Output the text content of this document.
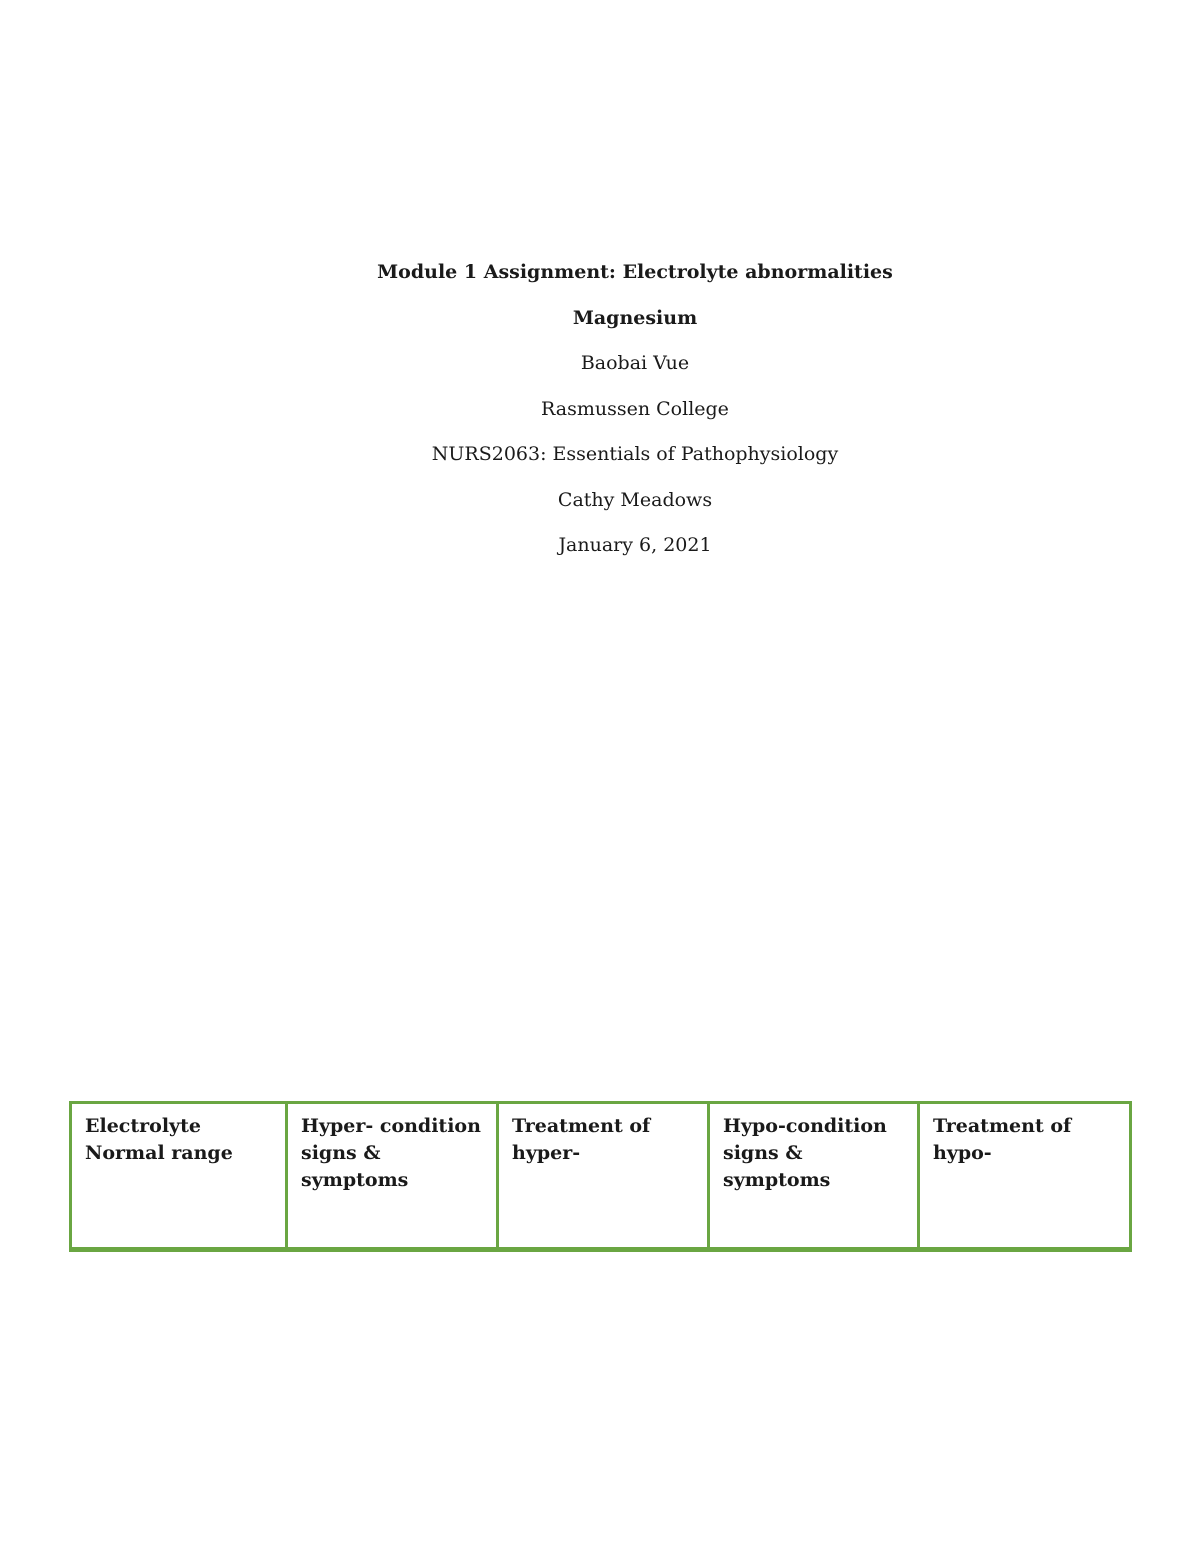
Module 1 Assignment: Electrolyte abnormalities
Magnesium
Baobai Vue
Rasmussen College
NURS2063: Essentials of Pathophysiology
Cathy Meadows
January 6, 2021
Electrolyte
Normal range

Hyper- condition
signs &
symptoms

Treatment of
hyper-

Hypo-condition
signs &
symptoms

Treatment of
hypo-
